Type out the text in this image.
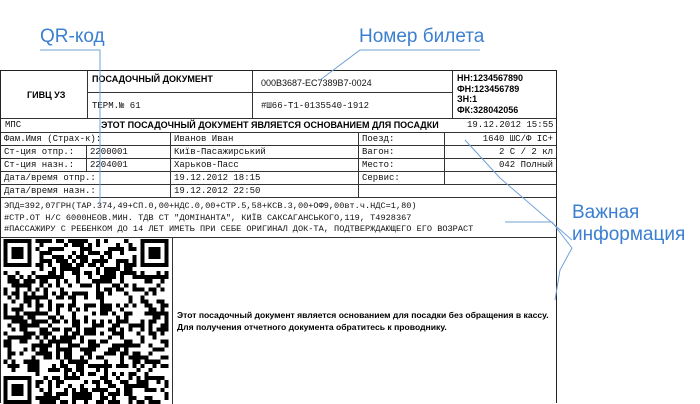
QR-код	Номер билета
Важная информация
ГИВЦ УЗ
ПОСАДОЧНЫЙ ДОКУМЕНТ
ТЕРМ.№ 61
000B3687-EC7389B7-0024
#Ш66-Т1-0135540-1912
НН:1234567890
ФН:123456789
ЗН:1
ФК:328042056
МПС	ЭТОТ ПОСАДОЧНЫЙ ДОКУМЕНТ ЯВЛЯЕТСЯ ОСНОВАНИЕМ ДЛЯ ПОСАДКИ	19.12.2012 15:55
Фам.Имя (Страх-к):	Иванов Иван	Поезд:	1640 ШС/Ф IC+
Ст-ция отпр.:	2200001	Київ-Пасажирський	Вагон:	2 С / 2 кл
Ст-ция назн.:	2204001	Харьков-Пасс	Место:	042 Полный
Дата/время отпр.:	19.12.2012 18:15	Сервис:
Дата/время назн.:	19.12.2012 22:50
ЭПД=392,07ГРН(ТАР.374,49+СП.0,00+НДС.0,00+СТР.5,58+КСВ.3,00+ОФ9,00вт.ч.НДС=1,80)
#СТР.ОТ Н/С 6000НЕОВ.МИН. ТДВ СТ "ДОМІНАНТА", КИЇВ САКСАГАНСЬКОГО,119, Т4928367
#ПАССАЖИРУ С РЕБЕНКОМ ДО 14 ЛЕТ ИМЕТЬ ПРИ СЕБЕ ОРИГИНАЛ ДОК-ТА, ПОДТВЕРЖДАЮЩЕГО ЕГО ВОЗРАСТ
Этот посадочный документ является основанием для посадки без обращения в кассу.
Для получения отчетного документа обратитесь к проводнику.
